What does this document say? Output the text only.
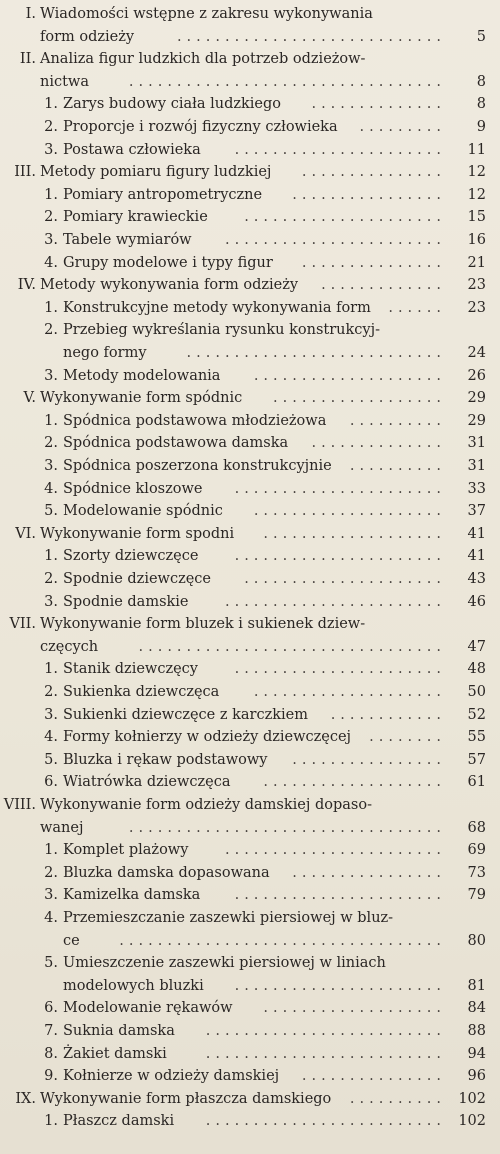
I. Wiadomości wstępne z zakresu wykonywania
form odzieży	............................	5
II. Analiza figur ludzkich dla potrzeb odzieżow-
nictwa	.................................	8
1. Zarys budowy ciała ludzkiego	..............	8
2. Proporcje i rozwój fizyczny człowieka	.........	9
3. Postawa człowieka	......................	11
III. Metody pomiaru figury ludzkiej	...............	12
1. Pomiary antropometryczne	................	12
2. Pomiary krawieckie	.....................	15
3. Tabele wymiarów	.......................	16
4. Grupy modelowe i typy figur	...............	21
IV. Metody wykonywania form odzieży	.............	23
1. Konstrukcyjne metody wykonywania form	......	23
2. Przebieg wykreślania rysunku konstrukcyj-
nego formy	...........................	24
3. Metody modelowania	....................	26
V. Wykonywanie form spódnic	..................	29
1. Spódnica podstawowa młodzieżowa	..........	29
2. Spódnica podstawowa damska	..............	31
3. Spódnica poszerzona konstrukcyjnie	..........	31
4. Spódnice kloszowe	......................	33
5. Modelowanie spódnic	....................	37
VI. Wykonywanie form spodni	...................	41
1. Szorty dziewczęce	......................	41
2. Spodnie dziewczęce	.....................	43
3. Spodnie damskie	.......................	46
VII. Wykonywanie form bluzek i sukienek dziew-
częcych	................................	47
1. Stanik dziewczęcy	......................	48
2. Sukienka dziewczęca	....................	50
3. Sukienki dziewczęce z karczkiem	............	52
4. Formy kołnierzy w odzieży dziewczęcej	........	55
5. Bluzka i rękaw podstawowy	................	57
6. Wiatrówka dziewczęca	...................	61
VIII. Wykonywanie form odzieży damskiej dopaso-
wanej	.................................	68
1. Komplet plażowy	.......................	69
2. Bluzka damska dopasowana	................	73
3. Kamizelka damska	......................	79
4. Przemieszczanie zaszewki piersiowej w bluz-
ce	..................................	80
5. Umieszczenie zaszewki piersiowej w liniach
modelowych bluzki	......................	81
6. Modelowanie rękawów	...................	84
7. Suknia damska	.........................	88
8. Żakiet damski	.........................	94
9. Kołnierze w odzieży damskiej	...............	96
IX. Wykonywanie form płaszcza damskiego	.......... 102
1. Płaszcz damski	......................... 102
